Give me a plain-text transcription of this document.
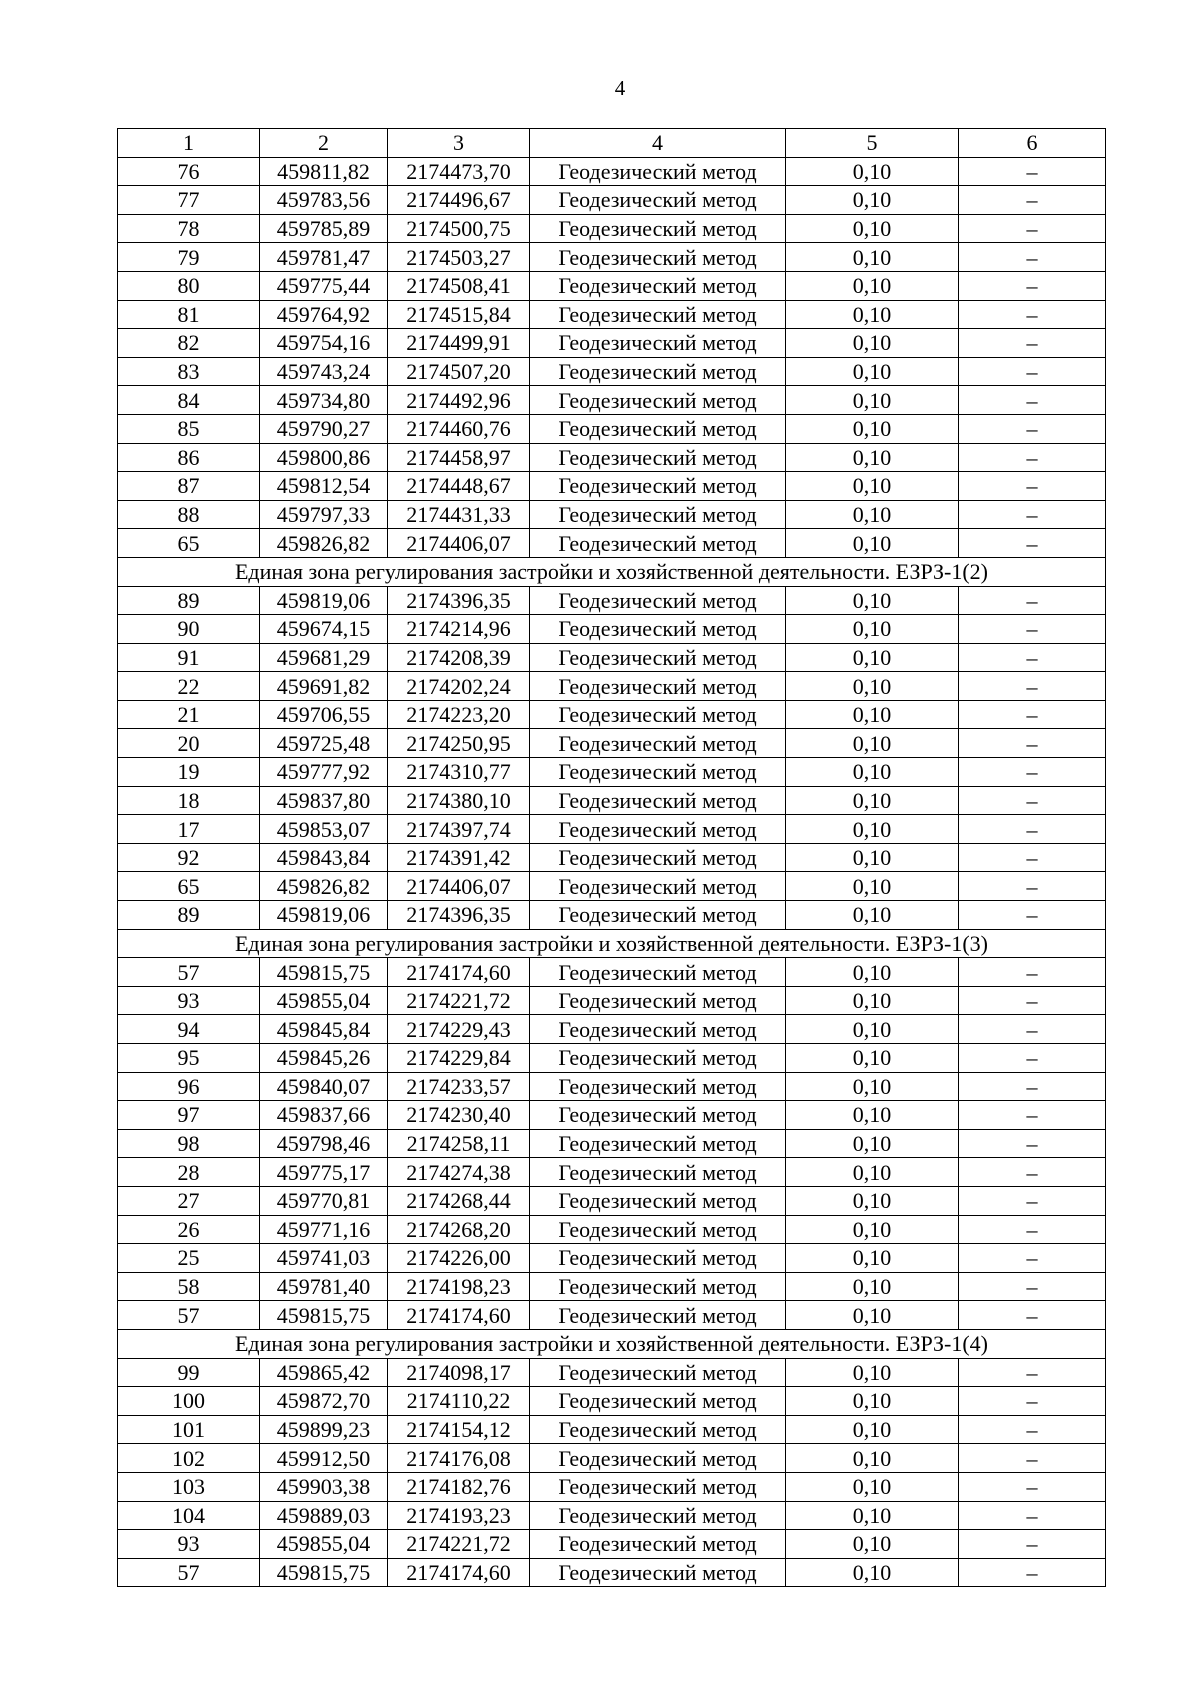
4
1	2	3	4	5	6
76	459811,82	2174473,70	Геодезический метод	0,10	–
77	459783,56	2174496,67	Геодезический метод	0,10	–
78	459785,89	2174500,75	Геодезический метод	0,10	–
79	459781,47	2174503,27	Геодезический метод	0,10	–
80	459775,44	2174508,41	Геодезический метод	0,10	–
81	459764,92	2174515,84	Геодезический метод	0,10	–
82	459754,16	2174499,91	Геодезический метод	0,10	–
83	459743,24	2174507,20	Геодезический метод	0,10	–
84	459734,80	2174492,96	Геодезический метод	0,10	–
85	459790,27	2174460,76	Геодезический метод	0,10	–
86	459800,86	2174458,97	Геодезический метод	0,10	–
87	459812,54	2174448,67	Геодезический метод	0,10	–
88	459797,33	2174431,33	Геодезический метод	0,10	–
65	459826,82	2174406,07	Геодезический метод	0,10	–
Единая зона регулирования застройки и хозяйственной деятельности. ЕЗРЗ-1(2)					
89	459819,06	2174396,35	Геодезический метод	0,10	–
90	459674,15	2174214,96	Геодезический метод	0,10	–
91	459681,29	2174208,39	Геодезический метод	0,10	–
22	459691,82	2174202,24	Геодезический метод	0,10	–
21	459706,55	2174223,20	Геодезический метод	0,10	–
20	459725,48	2174250,95	Геодезический метод	0,10	–
19	459777,92	2174310,77	Геодезический метод	0,10	–
18	459837,80	2174380,10	Геодезический метод	0,10	–
17	459853,07	2174397,74	Геодезический метод	0,10	–
92	459843,84	2174391,42	Геодезический метод	0,10	–
65	459826,82	2174406,07	Геодезический метод	0,10	–
89	459819,06	2174396,35	Геодезический метод	0,10	–
Единая зона регулирования застройки и хозяйственной деятельности. ЕЗРЗ-1(3)					
57	459815,75	2174174,60	Геодезический метод	0,10	–
93	459855,04	2174221,72	Геодезический метод	0,10	–
94	459845,84	2174229,43	Геодезический метод	0,10	–
95	459845,26	2174229,84	Геодезический метод	0,10	–
96	459840,07	2174233,57	Геодезический метод	0,10	–
97	459837,66	2174230,40	Геодезический метод	0,10	–
98	459798,46	2174258,11	Геодезический метод	0,10	–
28	459775,17	2174274,38	Геодезический метод	0,10	–
27	459770,81	2174268,44	Геодезический метод	0,10	–
26	459771,16	2174268,20	Геодезический метод	0,10	–
25	459741,03	2174226,00	Геодезический метод	0,10	–
58	459781,40	2174198,23	Геодезический метод	0,10	–
57	459815,75	2174174,60	Геодезический метод	0,10	–
Единая зона регулирования застройки и хозяйственной деятельности. ЕЗРЗ-1(4)					
99	459865,42	2174098,17	Геодезический метод	0,10	–
100	459872,70	2174110,22	Геодезический метод	0,10	–
101	459899,23	2174154,12	Геодезический метод	0,10	–
102	459912,50	2174176,08	Геодезический метод	0,10	–
103	459903,38	2174182,76	Геодезический метод	0,10	–
104	459889,03	2174193,23	Геодезический метод	0,10	–
93	459855,04	2174221,72	Геодезический метод	0,10	–
57	459815,75	2174174,60	Геодезический метод	0,10	–
